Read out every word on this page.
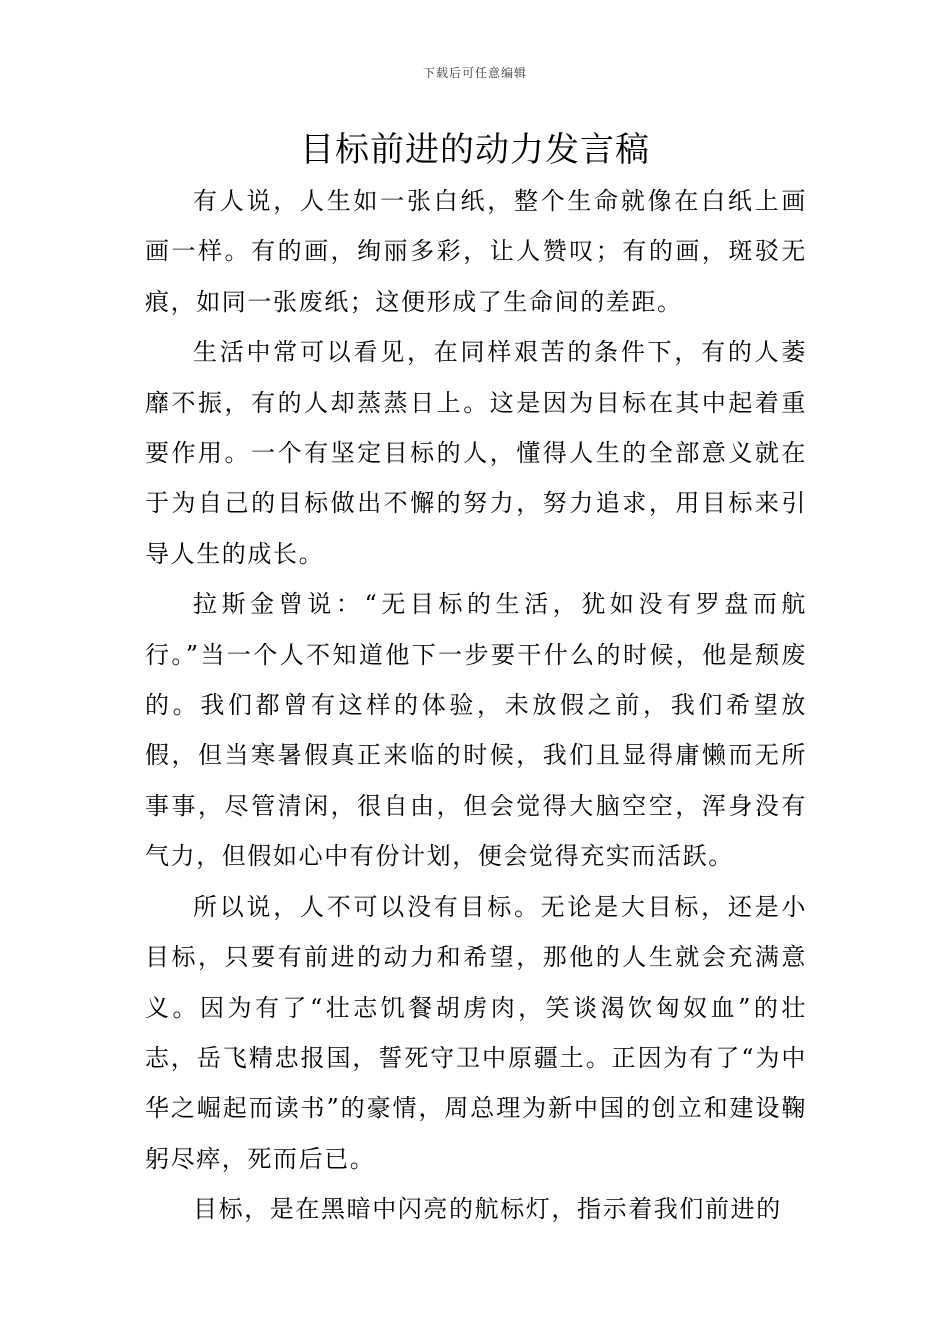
下载后可任意编辑
目标前进的动力发言稿

有人说，人生如一张白纸，整个生命就像在白纸上画画一样。有的画，绚丽多彩，让人赞叹；有的画，斑驳无痕，如同一张废纸；这便形成了生命间的差距。

生活中常可以看见，在同样艰苦的条件下，有的人萎靡不振，有的人却蒸蒸日上。这是因为目标在其中起着重要作用。一个有坚定目标的人，懂得人生的全部意义就在于为自己的目标做出不懈的努力，努力追求，用目标来引导人生的成长。

拉斯金曾说：“无目标的生活，犹如没有罗盘而航行。”当一个人不知道他下一步要干什么的时候，他是颓废的。我们都曾有这样的体验，未放假之前，我们希望放假，但当寒暑假真正来临的时候，我们且显得庸懒而无所事事，尽管清闲，很自由，但会觉得大脑空空，浑身没有气力，但假如心中有份计划，便会觉得充实而活跃。

所以说，人不可以没有目标。无论是大目标，还是小目标，只要有前进的动力和希望，那他的人生就会充满意义。因为有了“壮志饥餐胡虏肉，笑谈渴饮匈奴血”的壮志，岳飞精忠报国，誓死守卫中原疆土。正因为有了“为中华之崛起而读书”的豪情，周总理为新中国的创立和建设鞠躬尽瘁，死而后已。

目标，是在黑暗中闪亮的航标灯，指示着我们前进的
